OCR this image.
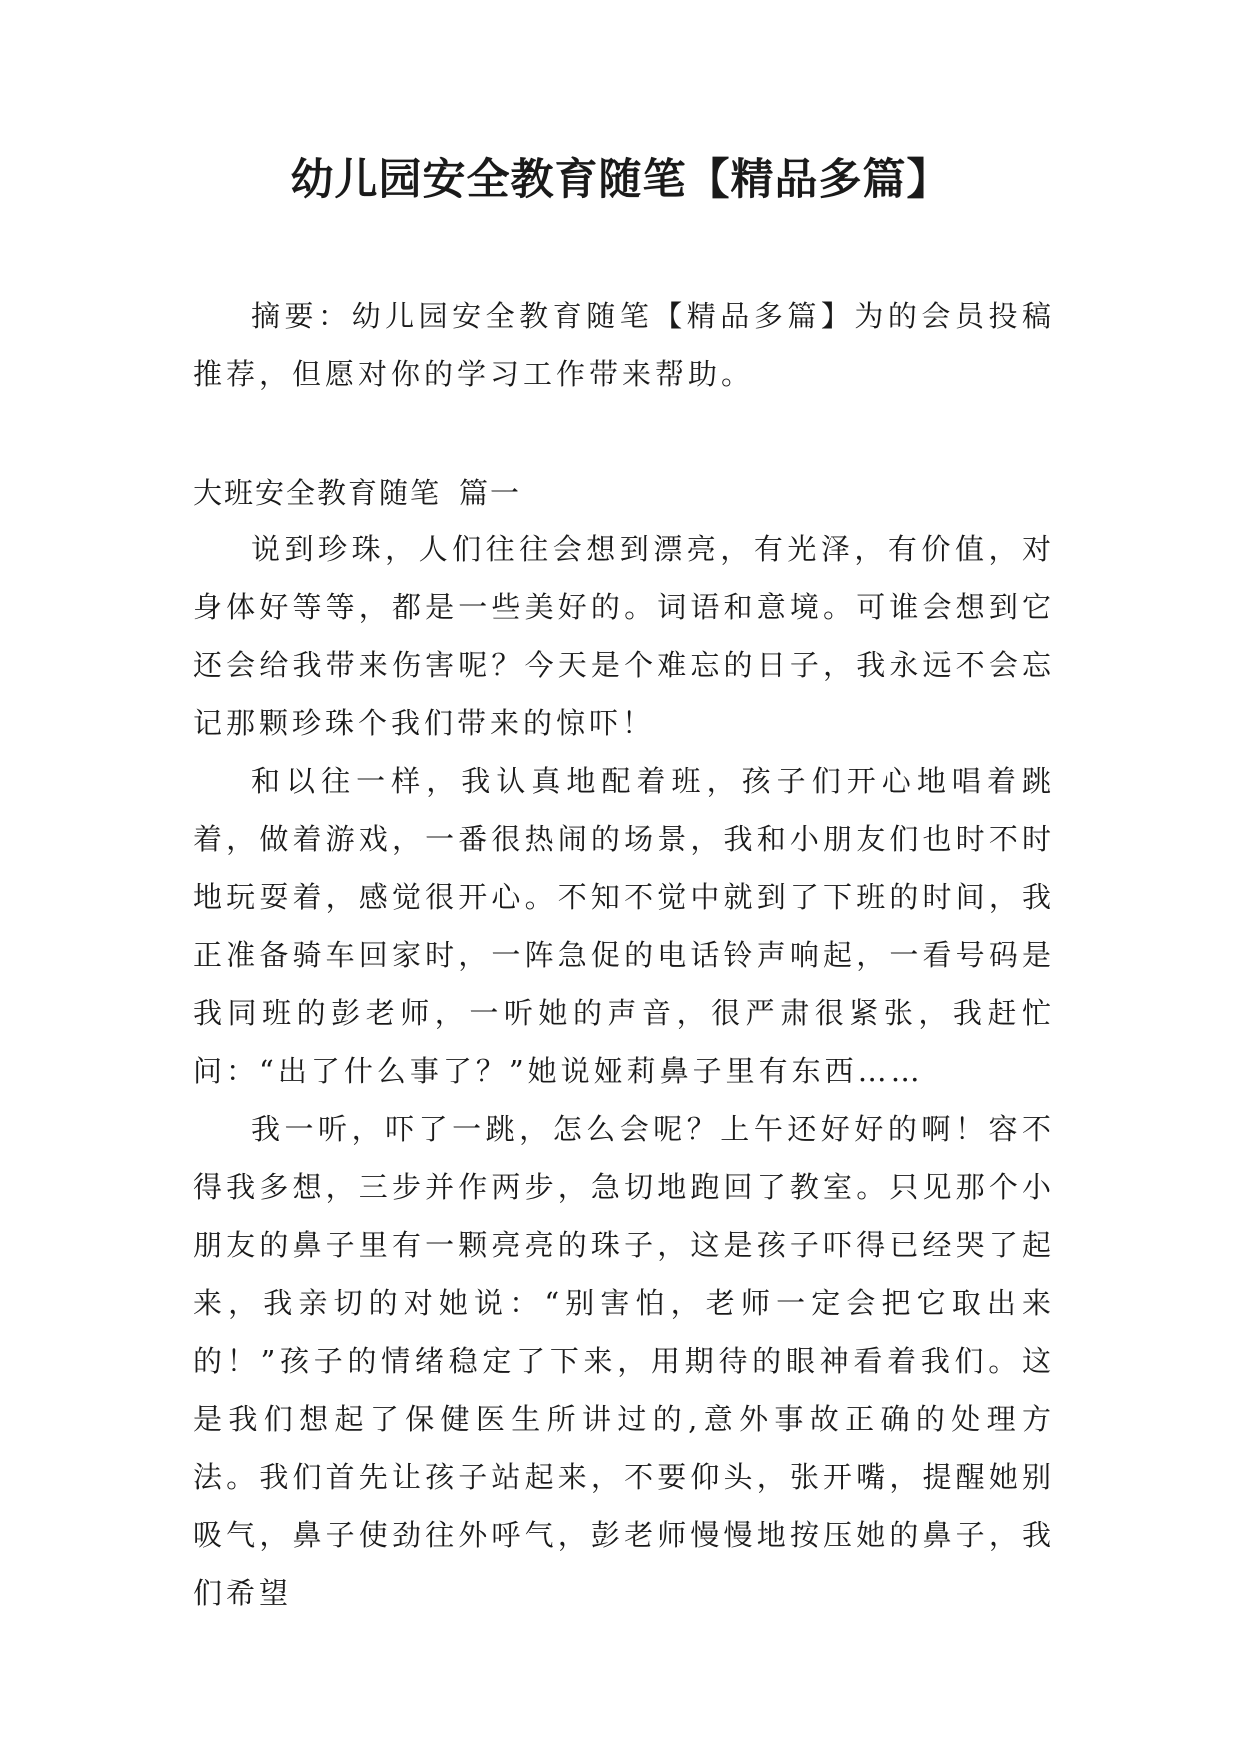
幼儿园安全教育随笔【精品多篇】

摘要：幼儿园安全教育随笔【精品多篇】为的会员投稿推荐，但愿对你的学习工作带来帮助。

大班安全教育随笔 篇一

说到珍珠，人们往往会想到漂亮，有光泽，有价值，对身体好等等，都是一些美好的。词语和意境。可谁会想到它还会给我带来伤害呢？今天是个难忘的日子，我永远不会忘记那颗珍珠个我们带来的惊吓！

和以往一样，我认真地配着班，孩子们开心地唱着跳着，做着游戏，一番很热闹的场景，我和小朋友们也时不时地玩耍着，感觉很开心。不知不觉中就到了下班的时间，我正准备骑车回家时，一阵急促的电话铃声响起，一看号码是我同班的彭老师，一听她的声音，很严肃很紧张，我赶忙问：“出了什么事了？”她说娅莉鼻子里有东西……

我一听，吓了一跳，怎么会呢？上午还好好的啊！容不得我多想，三步并作两步，急切地跑回了教室。只见那个小朋友的鼻子里有一颗亮亮的珠子，这是孩子吓得已经哭了起来，我亲切的对她说：“别害怕，老师一定会把它取出来的！”孩子的情绪稳定了下来，用期待的眼神看着我们。这是我们想起了保健医生所讲过的,意外事故正确的处理方法。我们首先让孩子站起来，不要仰头，张开嘴，提醒她别吸气，鼻子使劲往外呼气，彭老师慢慢地按压她的鼻子，我们希望
